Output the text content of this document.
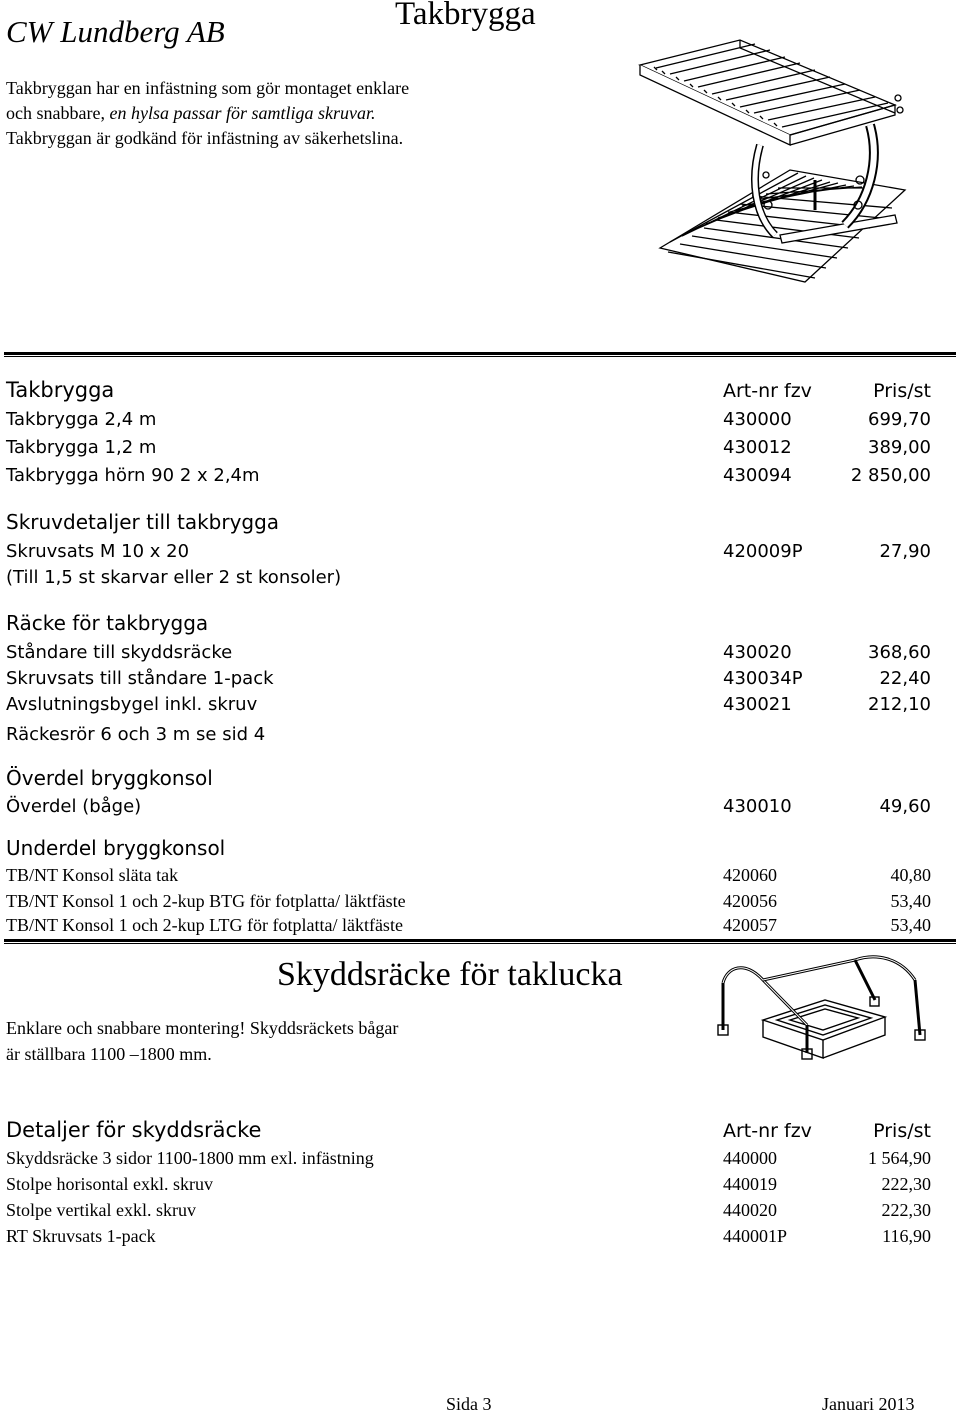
CW Lundberg AB	Takbrygga
Takbryggan har en infästning som gör montaget enklare
och snabbare, en hylsa passar för samtliga skruvar.
Takbryggan är godkänd för infästning av säkerhetslina.
Takbrygga	Art-nr fzv	Pris/st
Takbrygga 2,4 m	430000	699,70
Takbrygga 1,2 m	430012	389,00
Takbrygga hörn 90 2 x 2,4m	430094	2 850,00
Skruvdetaljer till takbrygga
Skruvsats M 10 x 20	420009P	27,90
(Till 1,5 st skarvar eller 2 st konsoler)
Räcke för takbrygga
Ståndare till skyddsräcke	430020	368,60
Skruvsats till ståndare 1-pack	430034P	22,40
Avslutningsbygel inkl. skruv	430021	212,10
Räckesrör 6 och 3 m se sid 4
Överdel bryggkonsol
Överdel (båge)	430010	49,60
Underdel bryggkonsol
TB/NT Konsol släta tak	420060	40,80
TB/NT Konsol 1 och 2-kup BTG för fotplatta/ läktfäste	420056	53,40
TB/NT Konsol 1 och 2-kup LTG för fotplatta/ läktfäste	420057	53,40
Skyddsräcke för taklucka
Enklare och snabbare montering! Skyddsräckets bågar
är ställbara 1100 –1800 mm.
Detaljer för skyddsräcke	Art-nr fzv	Pris/st
Skyddsräcke 3 sidor 1100-1800 mm exl. infästning	440000	1 564,90
Stolpe horisontal exkl. skruv	440019	222,30
Stolpe vertikal exkl. skruv	440020	222,30
RT Skruvsats 1-pack	440001P	116,90
Sida 3	Januari 2013
